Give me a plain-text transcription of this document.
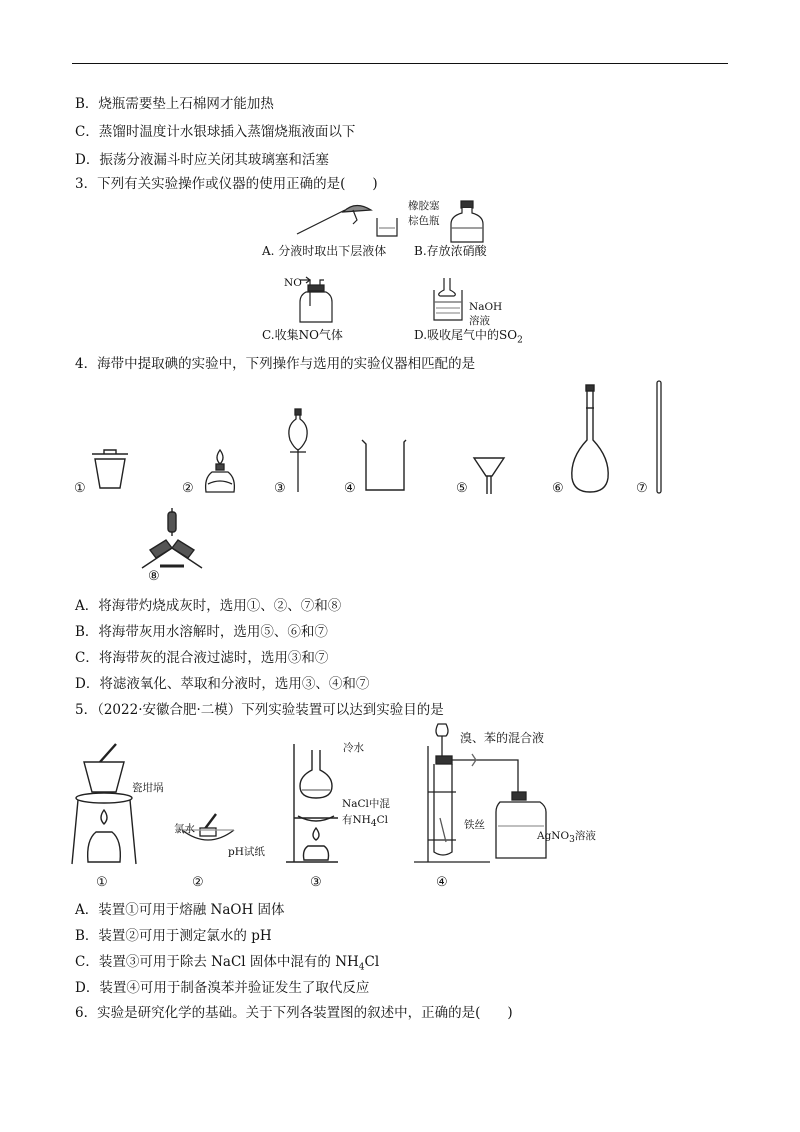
B．烧瓶需要垫上石棉网才能加热
C．蒸馏时温度计水银球插入蒸馏烧瓶液面以下
D．振荡分液漏斗时应关闭其玻璃塞和活塞
3．下列有关实验操作或仪器的使用正确的是(　　)
A. 分液时取出下层液体
橡胶塞
棕色瓶
B.存放浓硝酸
NO
C.收集NO气体
NaOH
溶液
D.吸收尾气中的$SO_2$
4．海带中提取碘的实验中，下列操作与选用的实验仪器相匹配的是
①	②	③	④	⑤	⑥	⑦
⑧
A．将海带灼烧成灰时，选用①、②、⑦和⑧
B．将海带灰用水溶解时，选用⑤、⑥和⑦
C．将海带灰的混合液过滤时，选用③和⑦
D．将滤液氧化、萃取和分液时，选用③、④和⑦
5．（2022·安徽合肥·二模）下列实验装置可以达到实验目的是
瓷坩埚
①
氯水
pH试纸
②
冷水
NaCl中混
有$NH_4Cl$
③
溴、苯的混合液
铁丝
AgNO$_3$溶液
④
A．装置①可用于熔融 NaOH 固体
B．装置②可用于测定氯水的 pH
C．装置③可用于除去 NaCl 固体中混有的 $NH_4Cl$
D．装置④可用于制备溴苯并验证发生了取代反应
6．实验是研究化学的基础。关于下列各装置图的叙述中，正确的是(　　)
